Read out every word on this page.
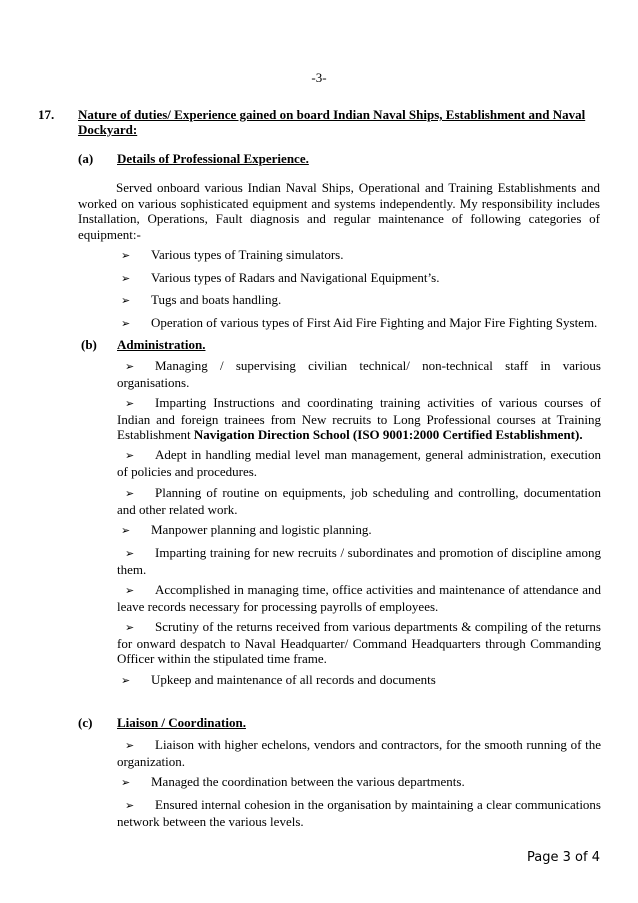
-3-
17. Nature of duties/ Experience gained on board Indian Naval Ships, Establishment and Naval Dockyard:
(a) Details of Professional Experience.
Served onboard various Indian Naval Ships, Operational and Training Establishments and worked on various sophisticated equipment and systems independently. My responsibility includes Installation, Operations, Fault diagnosis and regular maintenance of following categories of equipment:-
➢ Various types of Training simulators.
➢ Various types of Radars and Navigational Equipment’s.
➢ Tugs and boats handling.
➢ Operation of various types of First Aid Fire Fighting and Major Fire Fighting System.
(b) Administration.
➢ Managing / supervising civilian technical/ non-technical staff in various organisations.
➢ Imparting Instructions and coordinating training activities of various courses of Indian and foreign trainees from New recruits to Long Professional courses at Training Establishment Navigation Direction School (ISO 9001:2000 Certified Establishment).
➢ Adept in handling medial level man management, general administration, execution of policies and procedures.
➢ Planning of routine on equipments, job scheduling and controlling, documentation and other related work.
➢ Manpower planning and logistic planning.
➢ Imparting training for new recruits / subordinates and promotion of discipline among them.
➢ Accomplished in managing time, office activities and maintenance of attendance and leave records necessary for processing payrolls of employees.
➢ Scrutiny of the returns received from various departments & compiling of the returns for onward despatch to Naval Headquarter/ Command Headquarters through Commanding Officer within the stipulated time frame.
➢ Upkeep and maintenance of all records and documents
(c) Liaison / Coordination.
➢ Liaison with higher echelons, vendors and contractors, for the smooth running of the organization.
➢ Managed the coordination between the various departments.
➢ Ensured internal cohesion in the organisation by maintaining a clear communications network between the various levels.
Page 3 of 4
